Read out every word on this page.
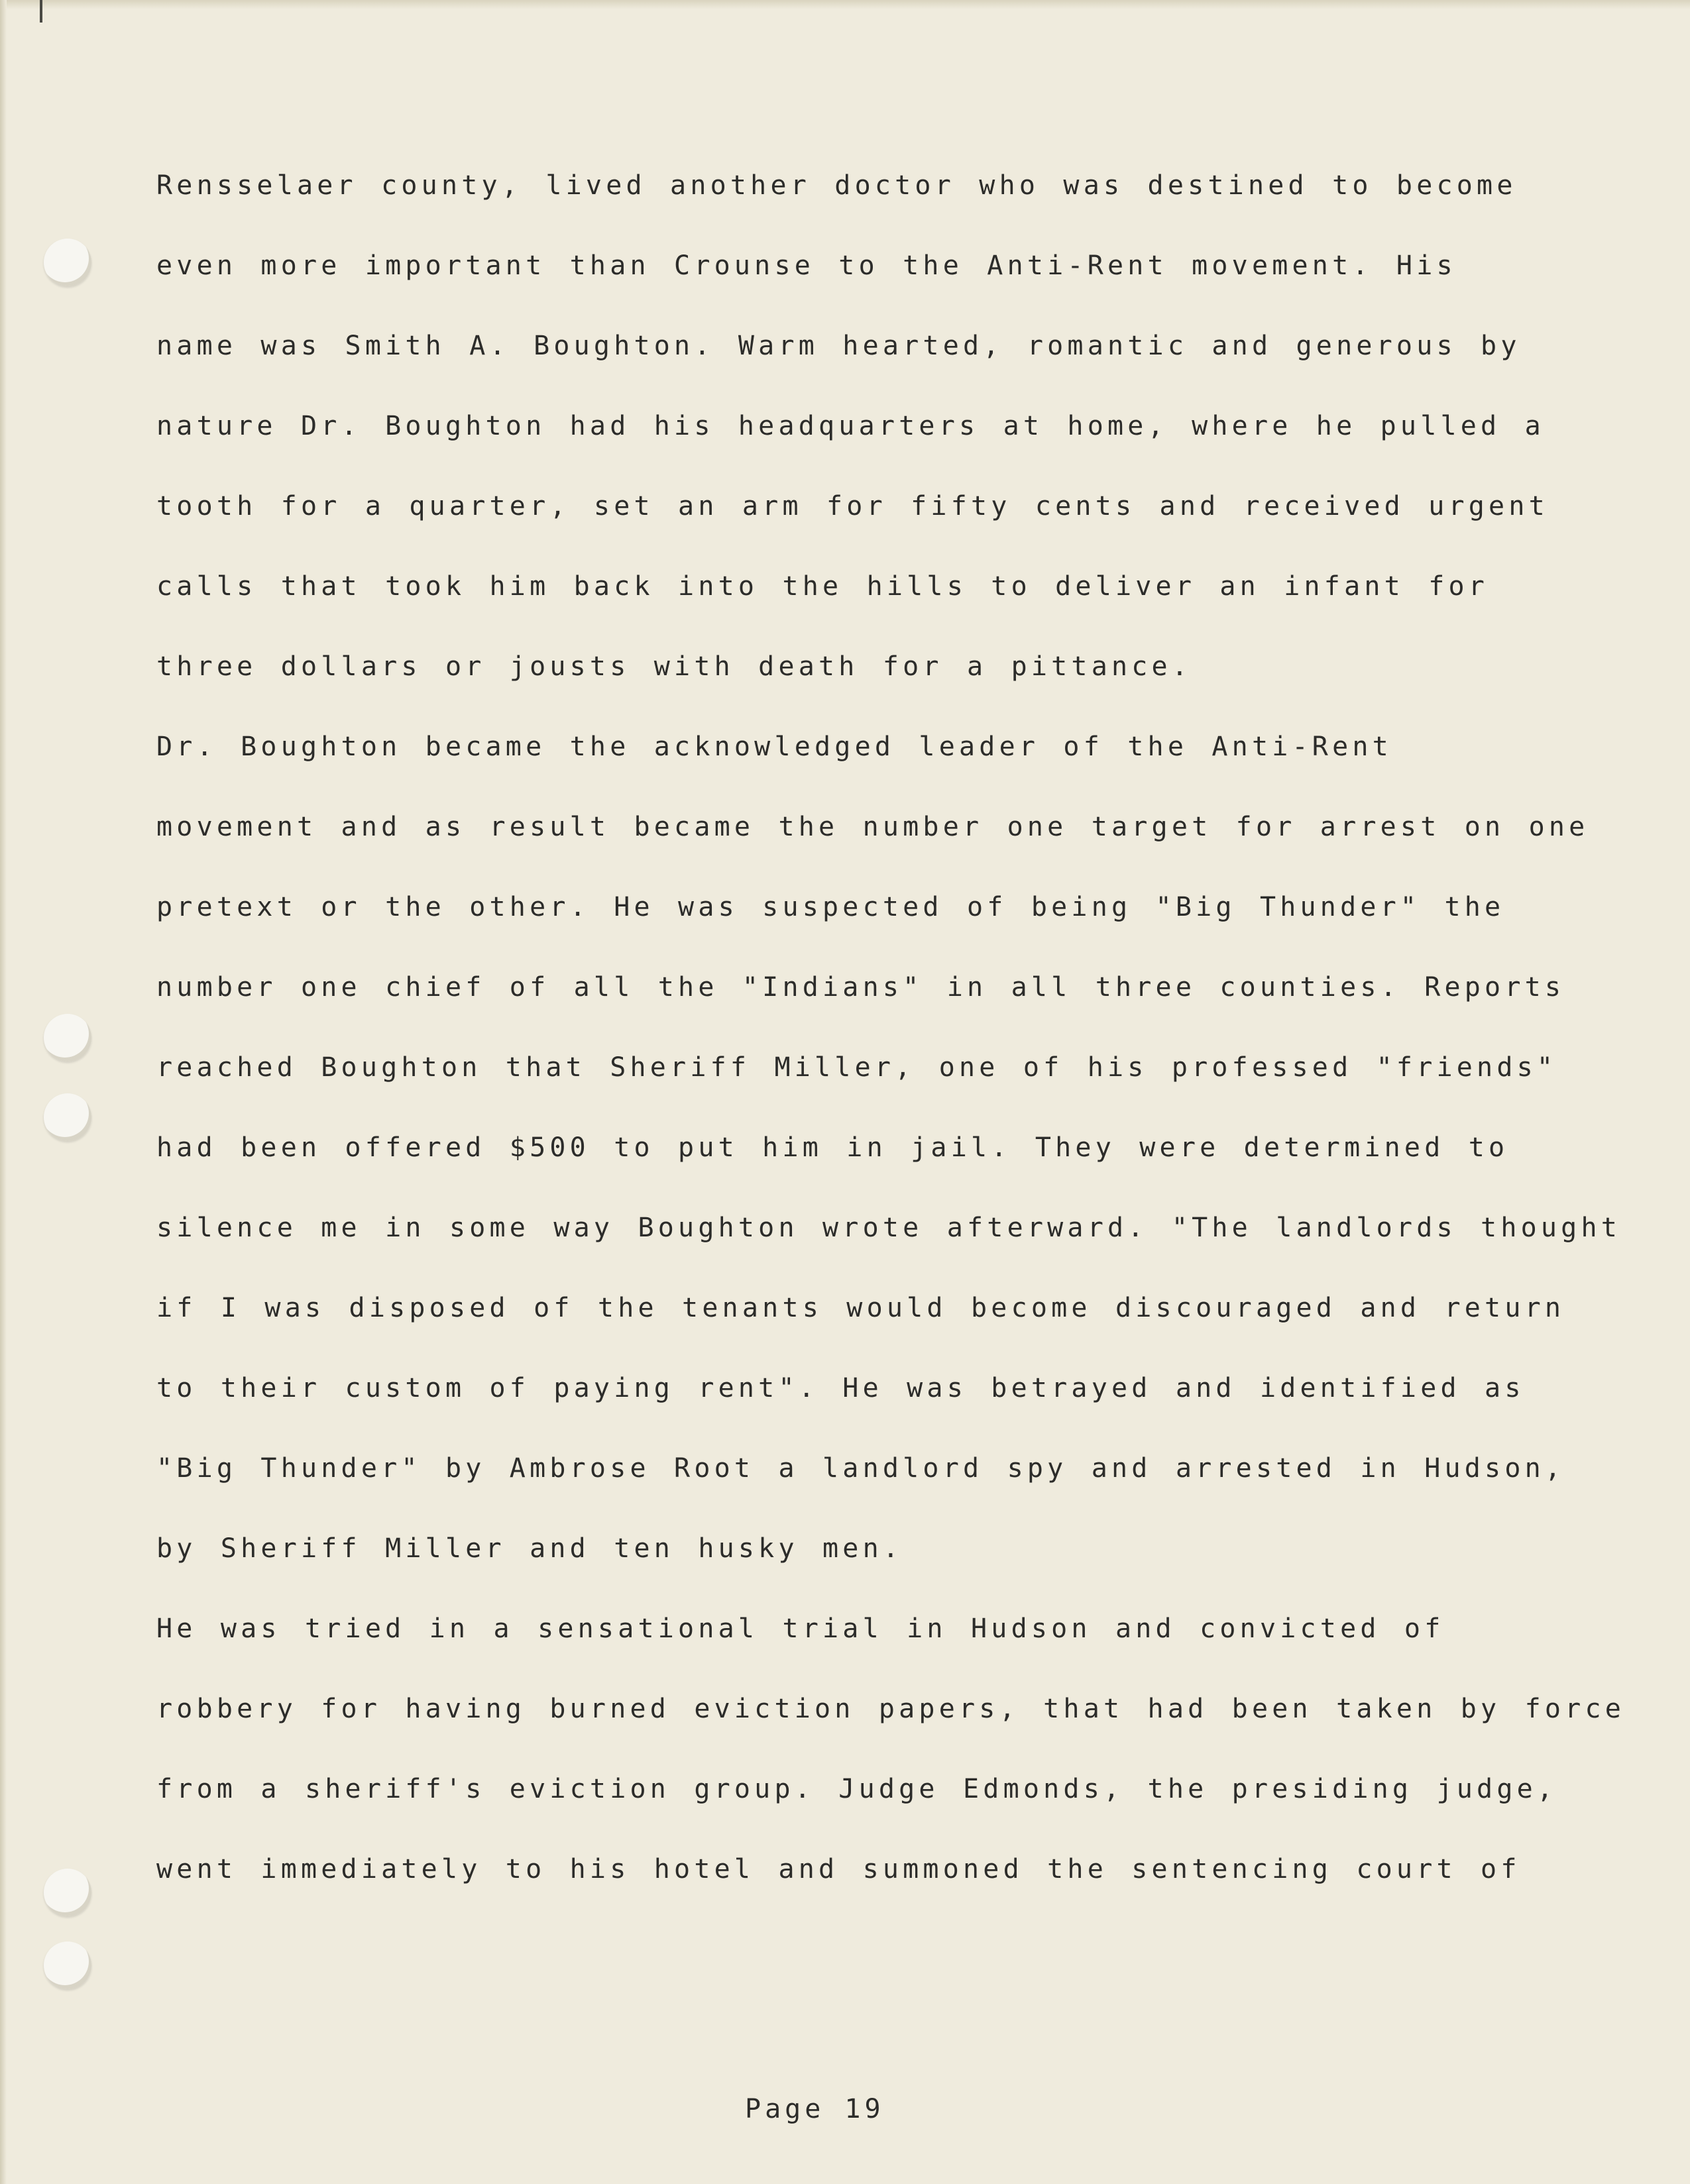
Rensselaer county, lived another doctor who was destined to become
even more important than Crounse to the Anti-Rent movement. His
name was Smith A. Boughton. Warm hearted, romantic and generous by
nature Dr. Boughton had his headquarters at home, where he pulled a
tooth for a quarter, set an arm for fifty cents and received urgent
calls that took him back into the hills to deliver an infant for
three dollars or jousts with death for a pittance.
Dr. Boughton became the acknowledged leader of the Anti-Rent
movement and as result became the number one target for arrest on one
pretext or the other. He was suspected of being "Big Thunder" the
number one chief of all the "Indians" in all three counties. Reports
reached Boughton that Sheriff Miller, one of his professed "friends"
had been offered $500 to put him in jail. They were determined to
silence me in some way Boughton wrote afterward. "The landlords thought
if I was disposed of the tenants would become discouraged and return
to their custom of paying rent". He was betrayed and identified as
"Big Thunder" by Ambrose Root a landlord spy and arrested in Hudson,
by Sheriff Miller and ten husky men.
He was tried in a sensational trial in Hudson and convicted of
robbery for having burned eviction papers, that had been taken by force
from a sheriff's eviction group. Judge Edmonds, the presiding judge,
went immediately to his hotel and summoned the sentencing court of
Page 19
